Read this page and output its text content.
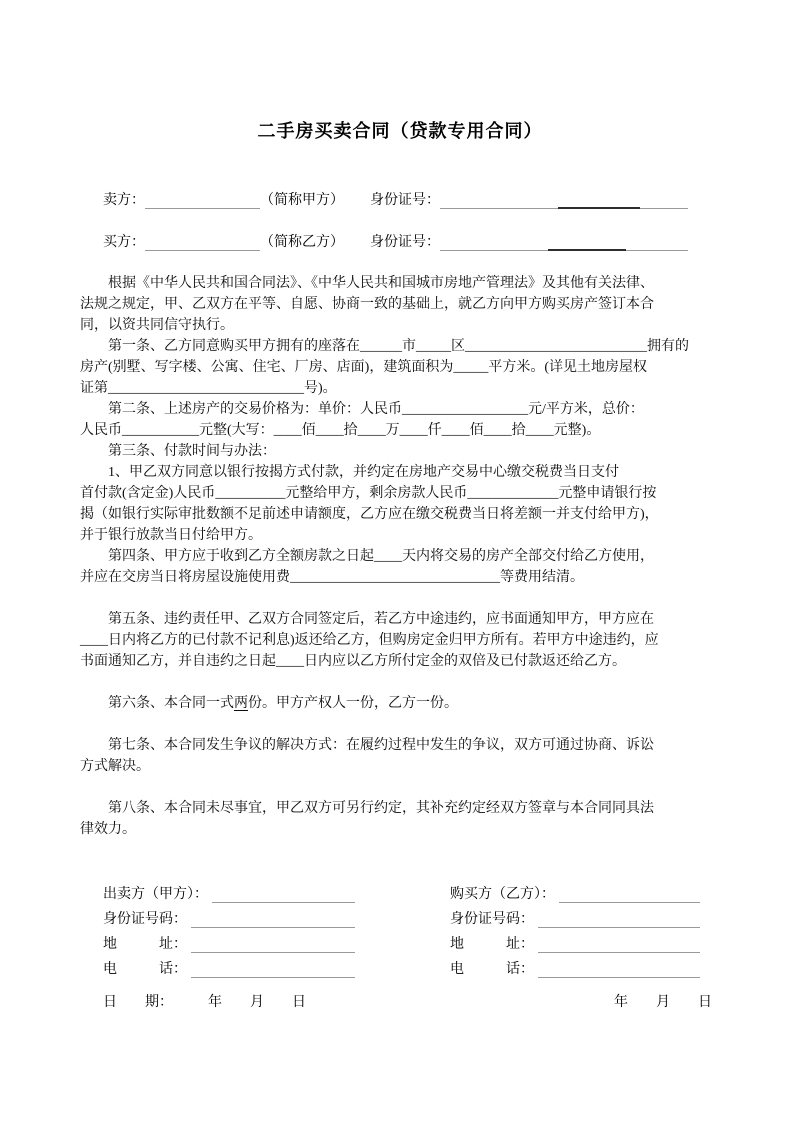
二手房买卖合同（贷款专用合同）
卖方：	（简称甲方） 身份证号：
买方：	（简称乙方） 身份证号：
　　根据《中华人民共和国合同法》、《中华人民共和国城市房地产管理法》及其他有关法律、
法规之规定，甲、乙双方在平等、自愿、协商一致的基础上，就乙方向甲方购买房产签订本合
同，以资共同信守执行。
　　第一条、乙方同意购买甲方拥有的座落在______市_____区__________________________拥有的
房产(别墅、写字楼、公寓、住宅、厂房、店面)，建筑面积为_____平方米。(详见土地房屋权
证第____________________________号)。
　　第二条、上述房产的交易价格为：单价：人民币__________________元/平方米，总价：
人民币___________元整(大写：____佰____拾____万____仟____佰____拾____元整)。
　　第三条、付款时间与办法：
　　1、甲乙双方同意以银行按揭方式付款，并约定在房地产交易中心缴交税费当日支付
首付款(含定金)人民币__________元整给甲方，剩余房款人民币_____________元整申请银行按
揭（如银行实际审批数额不足前述申请额度，乙方应在缴交税费当日将差额一并支付给甲方)，
并于银行放款当日付给甲方。
　　第四条、甲方应于收到乙方全额房款之日起____天内将交易的房产全部交付给乙方使用，
并应在交房当日将房屋设施使用费______________________________等费用结清。
　　第五条、违约责任甲、乙双方合同签定后，若乙方中途违约，应书面通知甲方，甲方应在
____日内将乙方的已付款不记利息)返还给乙方，但购房定金归甲方所有。若甲方中途违约，应
书面通知乙方，并自违约之日起____日内应以乙方所付定金的双倍及已付款返还给乙方。
　　第六条、本合同一式两份。甲方产权人一份，乙方一份。
　　第七条、本合同发生争议的解决方式：在履约过程中发生的争议，双方可通过协商、诉讼
方式解决。
　　第八条、本合同未尽事宜，甲乙双方可另行约定，其补充约定经双方签章与本合同同具法
律效力。
出卖方（甲方）：
身份证号码：
地　　　址：
电　　　话：
购买方（乙方）：
身份证号码：
地　　　址：
电　　　话：
日　　期：　　　年　　月　　日	年　　月　　日
